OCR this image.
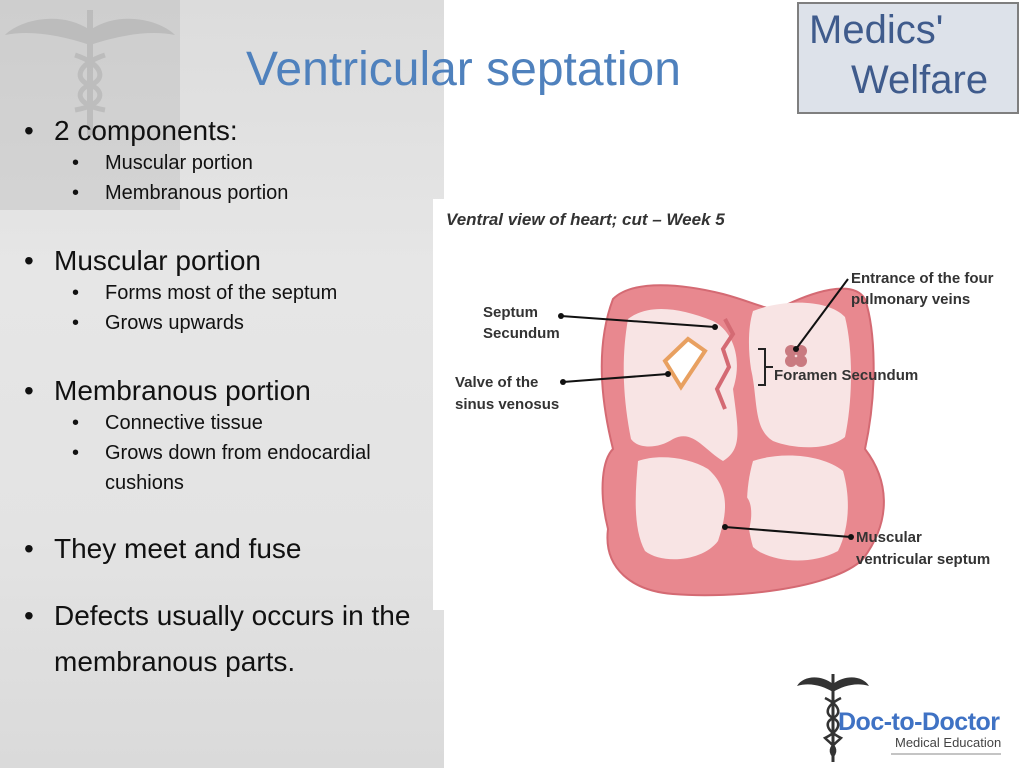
Ventricular septation
Medics'
Welfare
• 2 components:
• Muscular portion
• Membranous portion
• Muscular portion
• Forms most of the septum
• Grows upwards
• Membranous portion
• Connective tissue
• Grows down from endocardial cushions
• They meet and fuse
• Defects usually occurs in the membranous parts.
Ventral view of heart; cut – Week 5
Entrance of the four
pulmonary veins
Septum
Secundum
Valve of the
sinus venosus
Foramen Secundum
Muscular
ventricular septum
Doc-to-Doctor
Medical Education
